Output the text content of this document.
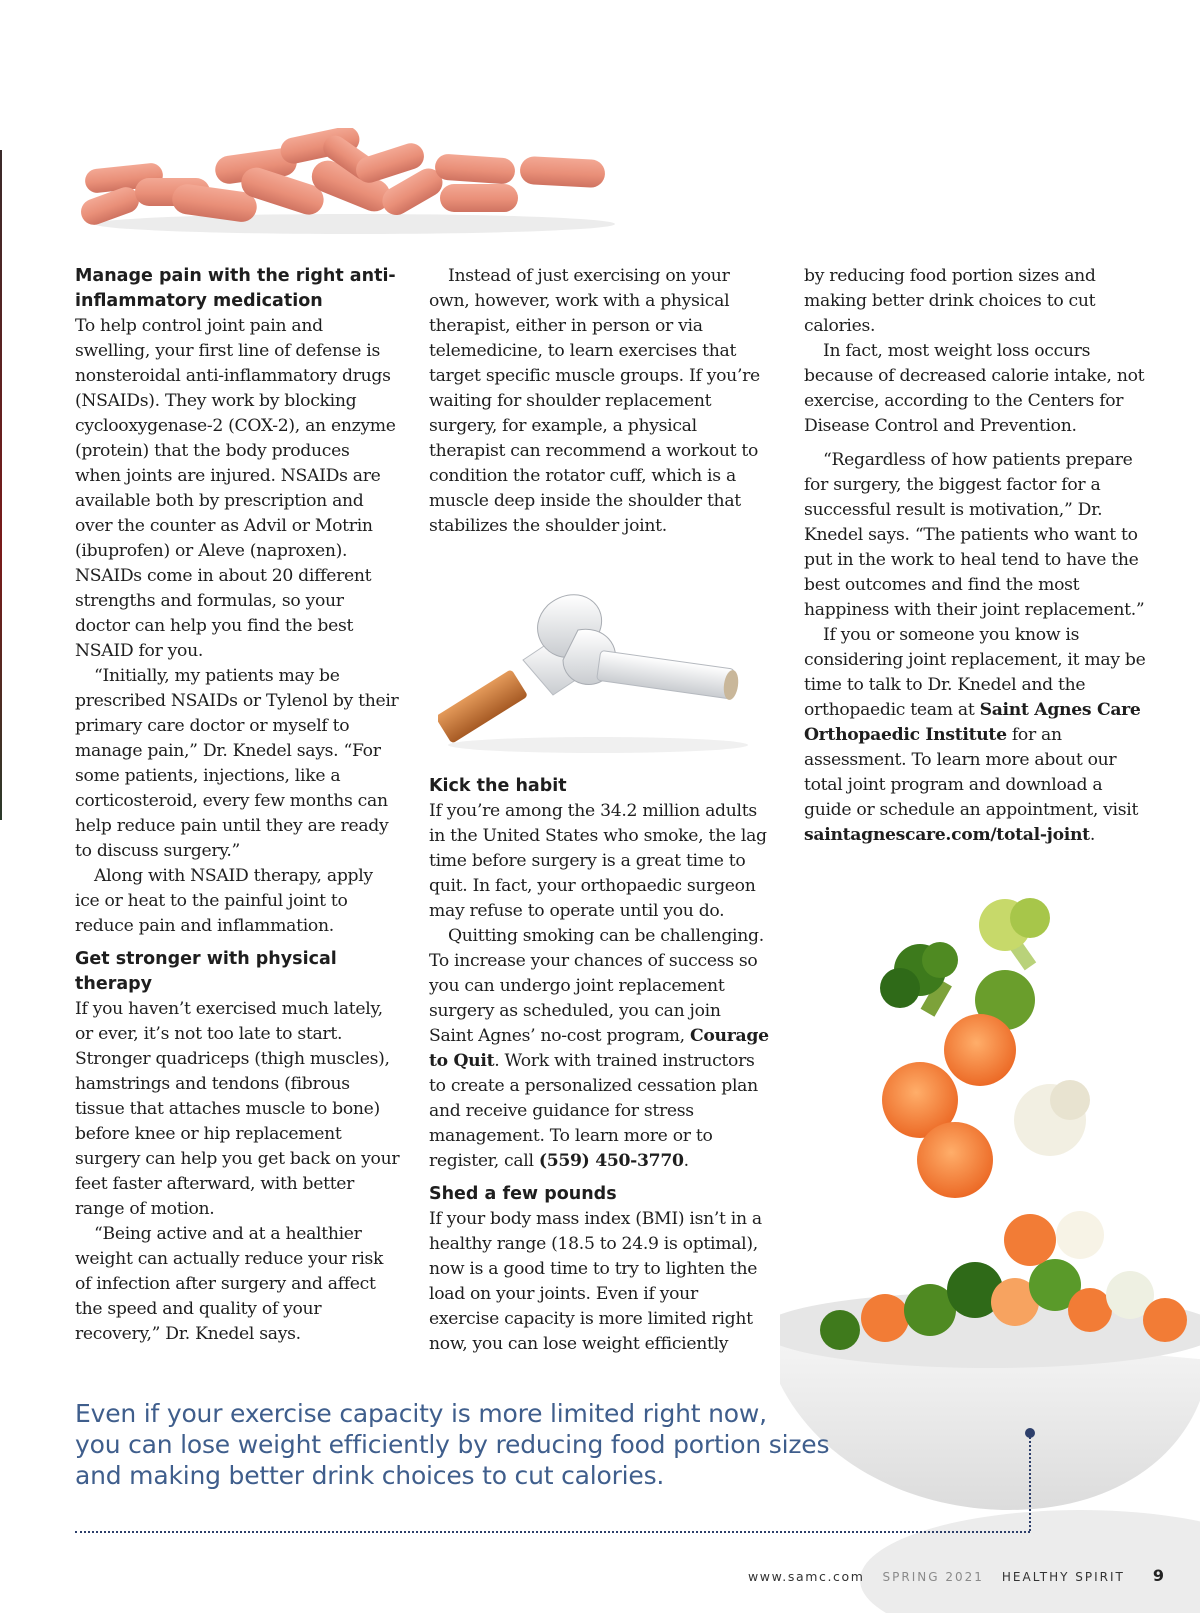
Manage pain with the right anti-inflammatory medication

To help control joint pain and swelling, your first line of defense is nonsteroidal anti-inflammatory drugs (NSAIDs). They work by blocking cyclooxygenase-2 (COX-2), an enzyme (protein) that the body produces when joints are injured. NSAIDs are available both by prescription and over the counter as Advil or Motrin (ibuprofen) or Aleve (naproxen). NSAIDs come in about 20 different strengths and formulas, so your doctor can help you find the best NSAID for you.

“Initially, my patients may be prescribed NSAIDs or Tylenol by their primary care doctor or myself to manage pain,” Dr. Knedel says. “For some patients, injections, like a corticosteroid, every few months can help reduce pain until they are ready to discuss surgery.”

Along with NSAID therapy, apply ice or heat to the painful joint to reduce pain and inflammation.

Get stronger with physical therapy

If you haven’t exercised much lately, or ever, it’s not too late to start. Stronger quadriceps (thigh muscles), hamstrings and tendons (fibrous tissue that attaches muscle to bone) before knee or hip replacement surgery can help you get back on your feet faster afterward, with better range of motion.

“Being active and at a healthier weight can actually reduce your risk of infection after surgery and affect the speed and quality of your recovery,” Dr. Knedel says.

Instead of just exercising on your own, however, work with a physical therapist, either in person or via telemedicine, to learn exercises that target specific muscle groups. If you’re waiting for shoulder replacement surgery, for example, a physical therapist can recommend a workout to condition the rotator cuff, which is a muscle deep inside the shoulder that stabilizes the shoulder joint.

Kick the habit

If you’re among the 34.2 million adults in the United States who smoke, the lag time before surgery is a great time to quit. In fact, your orthopaedic surgeon may refuse to operate until you do.

Quitting smoking can be challenging. To increase your chances of success so you can undergo joint replacement surgery as scheduled, you can join Saint Agnes’ no-cost program, Courage to Quit. Work with trained instructors to create a personalized cessation plan and receive guidance for stress management. To learn more or to register, call (559) 450-3770.

Shed a few pounds

If your body mass index (BMI) isn’t in a healthy range (18.5 to 24.9 is optimal), now is a good time to try to lighten the load on your joints. Even if your exercise capacity is more limited right now, you can lose weight efficiently

by reducing food portion sizes and making better drink choices to cut calories.

In fact, most weight loss occurs because of decreased calorie intake, not exercise, according to the Centers for Disease Control and Prevention.

“Regardless of how patients prepare for surgery, the biggest factor for a successful result is motivation,” Dr. Knedel says. “The patients who want to put in the work to heal tend to have the best outcomes and find the most happiness with their joint replacement.”

If you or someone you know is considering joint replacement, it may be time to talk to Dr. Knedel and the orthopaedic team at Saint Agnes Care Orthopaedic Institute for an assessment. To learn more about our total joint program and download a guide or schedule an appointment, visit saintagnescare.com/total-joint.

Even if your exercise capacity is more limited right now,

you can lose weight efficiently by reducing food portion sizes

and making better drink choices to cut calories.

www.samc.com SPRING 2021 HEALTHY SPIRIT 9
